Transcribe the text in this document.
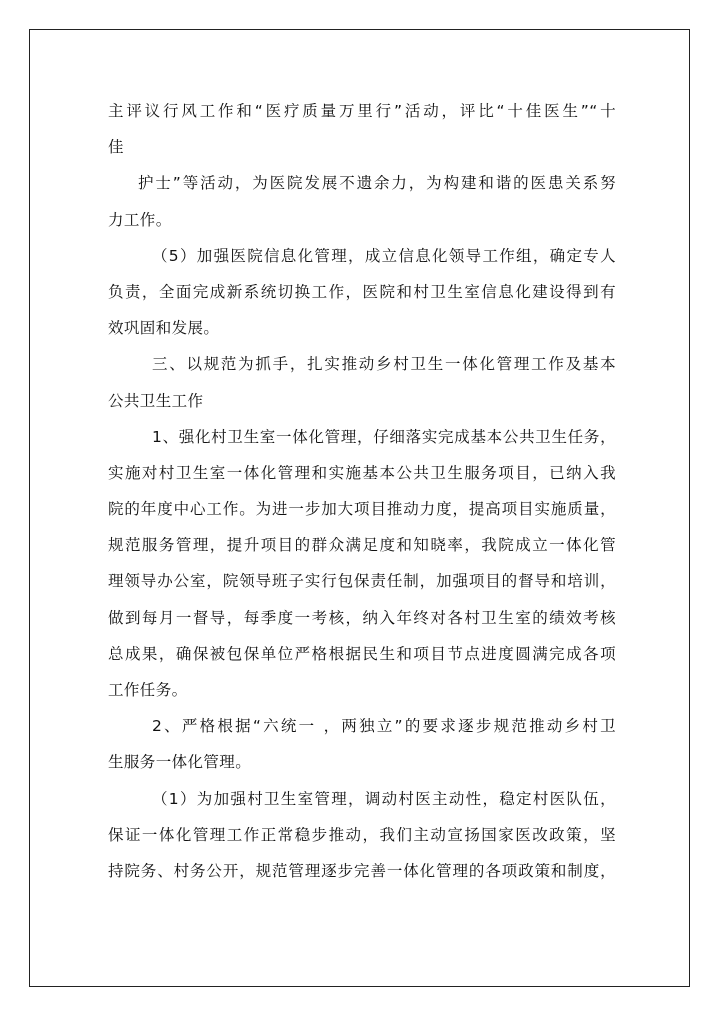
主评议行风工作和“医疗质量万里行”活动，评比“十佳医生”“十
佳
护士”等活动，为医院发展不遗余力，为构建和谐的医患关系努
力工作。
（5）加强医院信息化管理，成立信息化领导工作组，确定专人
负责，全面完成新系统切换工作，医院和村卫生室信息化建设得到有
效巩固和发展。
三、以规范为抓手，扎实推动乡村卫生一体化管理工作及基本
公共卫生工作
1、强化村卫生室一体化管理，仔细落实完成基本公共卫生任务，
实施对村卫生室一体化管理和实施基本公共卫生服务项目，已纳入我
院的年度中心工作。为进一步加大项目推动力度，提高项目实施质量，
规范服务管理，提升项目的群众满足度和知晓率，我院成立一体化管
理领导办公室，院领导班子实行包保责任制，加强项目的督导和培训，
做到每月一督导，每季度一考核，纳入年终对各村卫生室的绩效考核
总成果，确保被包保单位严格根据民生和项目节点进度圆满完成各项
工作任务。
2、严格根据“六统一 ，两独立”的要求逐步规范推动乡村卫
生服务一体化管理。
（1）为加强村卫生室管理，调动村医主动性，稳定村医队伍，
保证一体化管理工作正常稳步推动，我们主动宣扬国家医改政策，坚
持院务、村务公开，规范管理逐步完善一体化管理的各项政策和制度，
